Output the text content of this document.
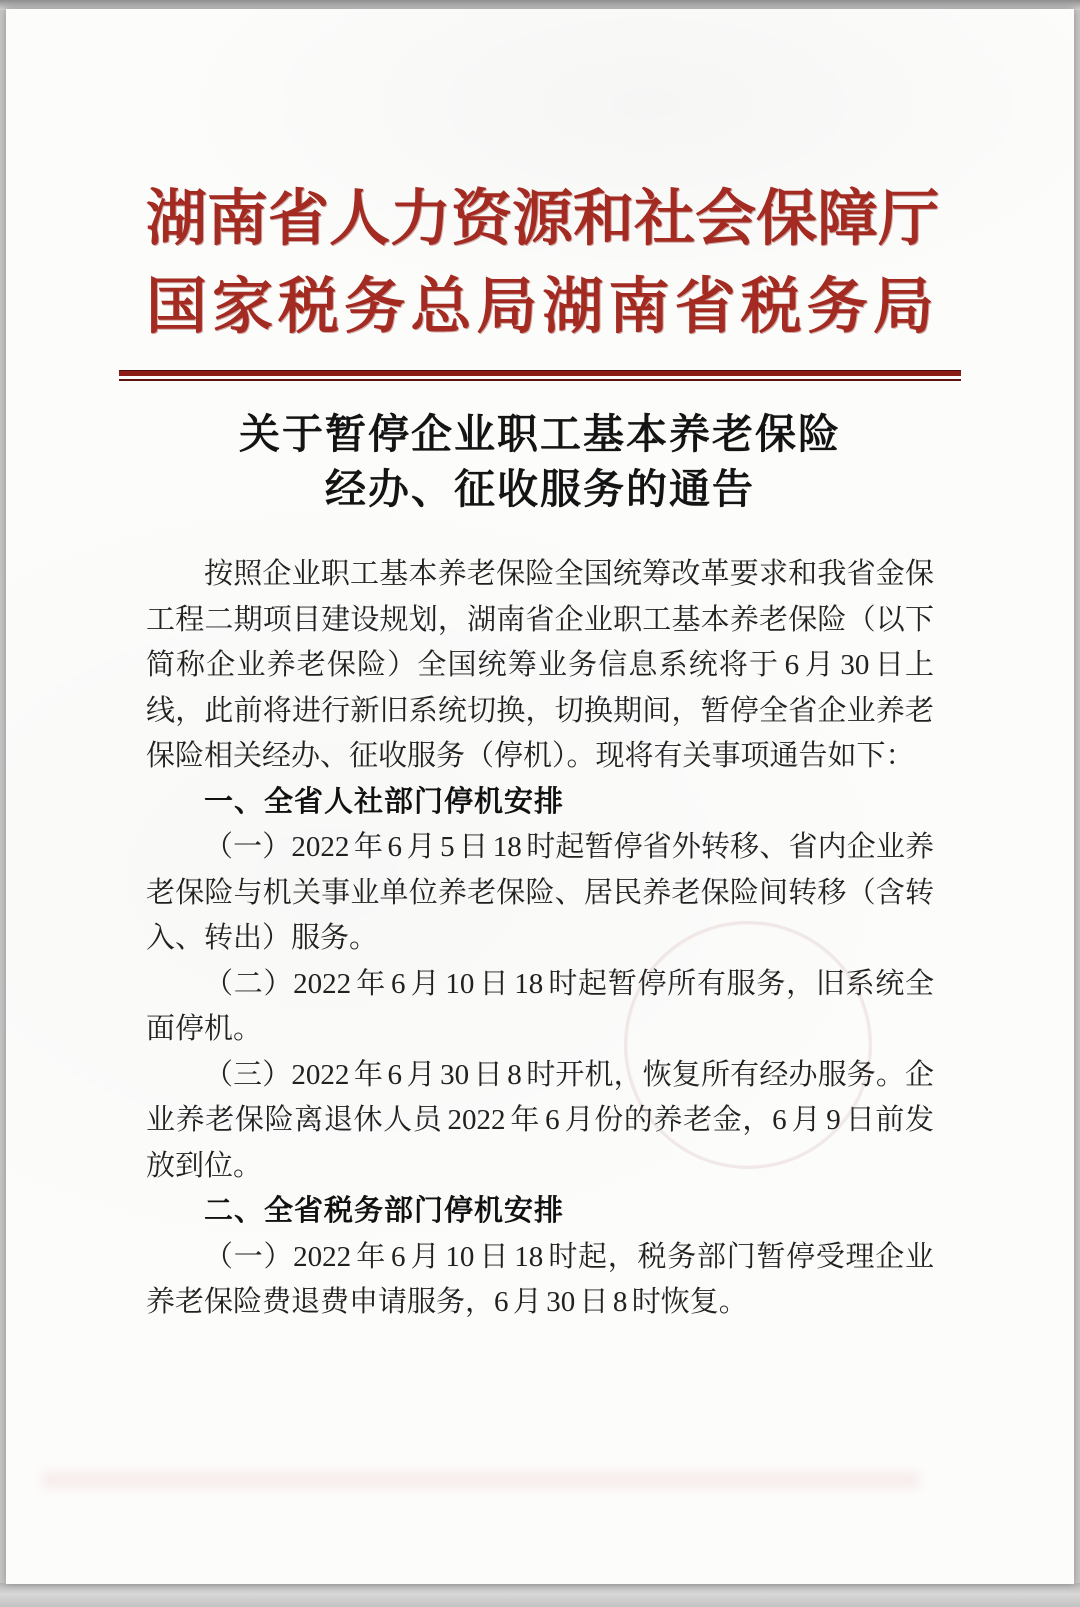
湖 南 省 人 力 资 源 和 社 会 保 障 厅
国 家 税 务 总 局 湖 南 省 税 务 局
关于暂停企业职工基本养老保险
经办、征收服务的通告

按照企业职工基本养老保险全国统筹改革要求和我省金保工程二期项目建设规划，湖南省企业职工基本养老保险（以下简称企业养老保险）全国统筹业务信息系统将于 6 月 30 日上线，此前将进行新旧系统切换，切换期间，暂停全省企业养老保险相关经办、征收服务（停机）。现将有关事项通告如下：

一、全省人社部门停机安排

（一）2022 年 6 月 5 日 18 时起暂停省外转移、省内企业养老保险与机关事业单位养老保险、居民养老保险间转移（含转入、转出）服务。

（二）2022 年 6 月 10 日 18 时起暂停所有服务，旧系统全面停机。

（三）2022 年 6 月 30 日 8 时开机，恢复所有经办服务。企业养老保险离退休人员 2022 年 6 月份的养老金，6 月 9 日前发放到位。

二、全省税务部门停机安排

（一）2022 年 6 月 10 日 18 时起，税务部门暂停受理企业养老保险费退费申请服务，6 月 30 日 8 时恢复。
